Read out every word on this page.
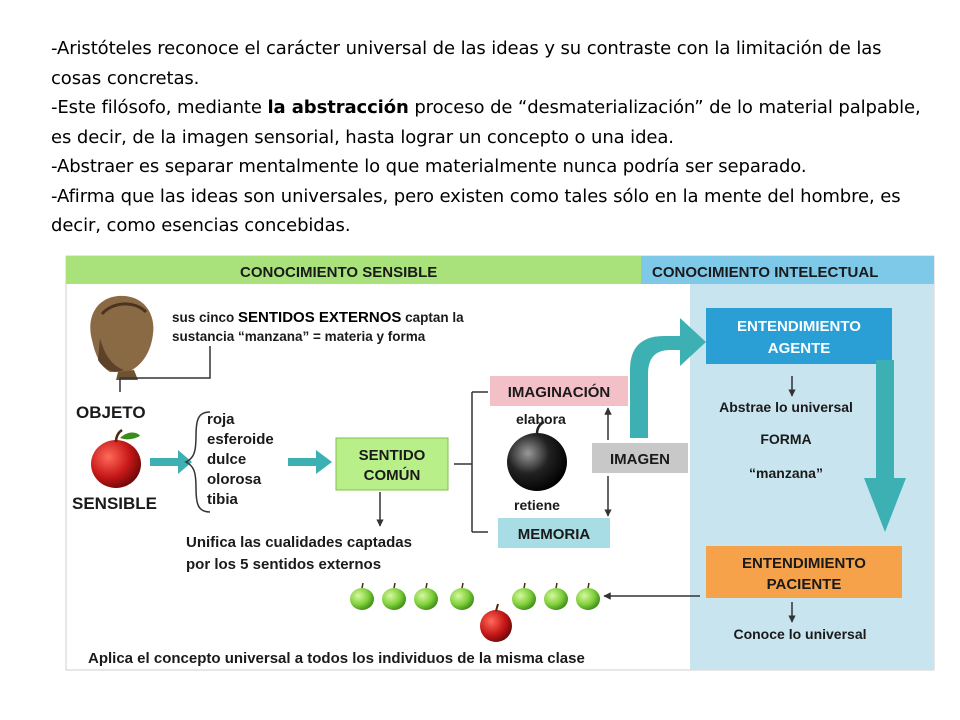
-Aristóteles reconoce el carácter universal de las ideas y su contraste con la limitación de las cosas concretas.

-Este filósofo, mediante la abstracción proceso de “desmaterialización” de lo material palpable, es decir, de la imagen sensorial, hasta lograr un concepto o una idea.

-Abstraer es separar mentalmente lo que materialmente nunca podría ser separado.

-Afirma que las ideas son universales, pero existen como tales sólo en la mente del hombre, es decir, como esencias concebidas.

CONOCIMIENTO SENSIBLE	CONOCIMIENTO INTELECTUAL
sus cinco SENTIDOS EXTERNOS captan la
sustancia “manzana” = materia y forma
OBJETO
SENSIBLE
roja
esferoide
dulce
olorosa
tibia
SENTIDO
COMÚN
Unifica las cualidades captadas
por los 5 sentidos externos
IMAGINACIÓN
elabora
retiene
MEMORIA
IMAGEN
ENTENDIMIENTO
AGENTE
Abstrae lo universal
FORMA
“manzana”
ENTENDIMIENTO
PACIENTE
Conoce lo universal
Aplica el concepto universal a todos los individuos de la misma clase
